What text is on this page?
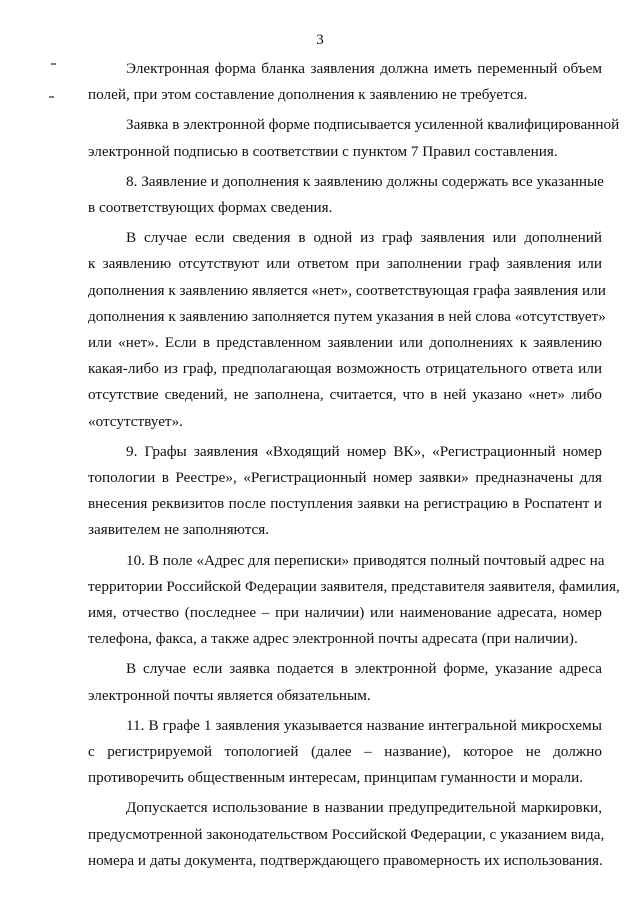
3
Электронная форма бланка заявления должна иметь переменный объем
полей, при этом составление дополнения к заявлению не требуется.
Заявка в электронной форме подписывается усиленной квалифицированной
электронной подписью в соответствии с пунктом 7 Правил составления.
8. Заявление и дополнения к заявлению должны содержать все указанные
в соответствующих формах сведения.
В случае если сведения в одной из граф заявления или дополнений
к заявлению отсутствуют или ответом при заполнении граф заявления или
дополнения к заявлению является «нет», соответствующая графа заявления или
дополнения к заявлению заполняется путем указания в ней слова «отсутствует»
или «нет». Если в представленном заявлении или дополнениях к заявлению
какая-либо из граф, предполагающая возможность отрицательного ответа или
отсутствие сведений, не заполнена, считается, что в ней указано «нет» либо
«отсутствует».
9. Графы заявления «Входящий номер ВК», «Регистрационный номер
топологии в Реестре», «Регистрационный номер заявки» предназначены для
внесения реквизитов после поступления заявки на регистрацию в Роспатент и
заявителем не заполняются.
10. В поле «Адрес для переписки» приводятся полный почтовый адрес на
территории Российской Федерации заявителя, представителя заявителя, фамилия,
имя, отчество (последнее – при наличии) или наименование адресата, номер
телефона, факса, а также адрес электронной почты адресата (при наличии).
В случае если заявка подается в электронной форме, указание адреса
электронной почты является обязательным.
11. В графе 1 заявления указывается название интегральной микросхемы
с регистрируемой топологией (далее – название), которое не должно
противоречить общественным интересам, принципам гуманности и морали.
Допускается использование в названии предупредительной маркировки,
предусмотренной законодательством Российской Федерации, с указанием вида,
номера и даты документа, подтверждающего правомерность их использования.
